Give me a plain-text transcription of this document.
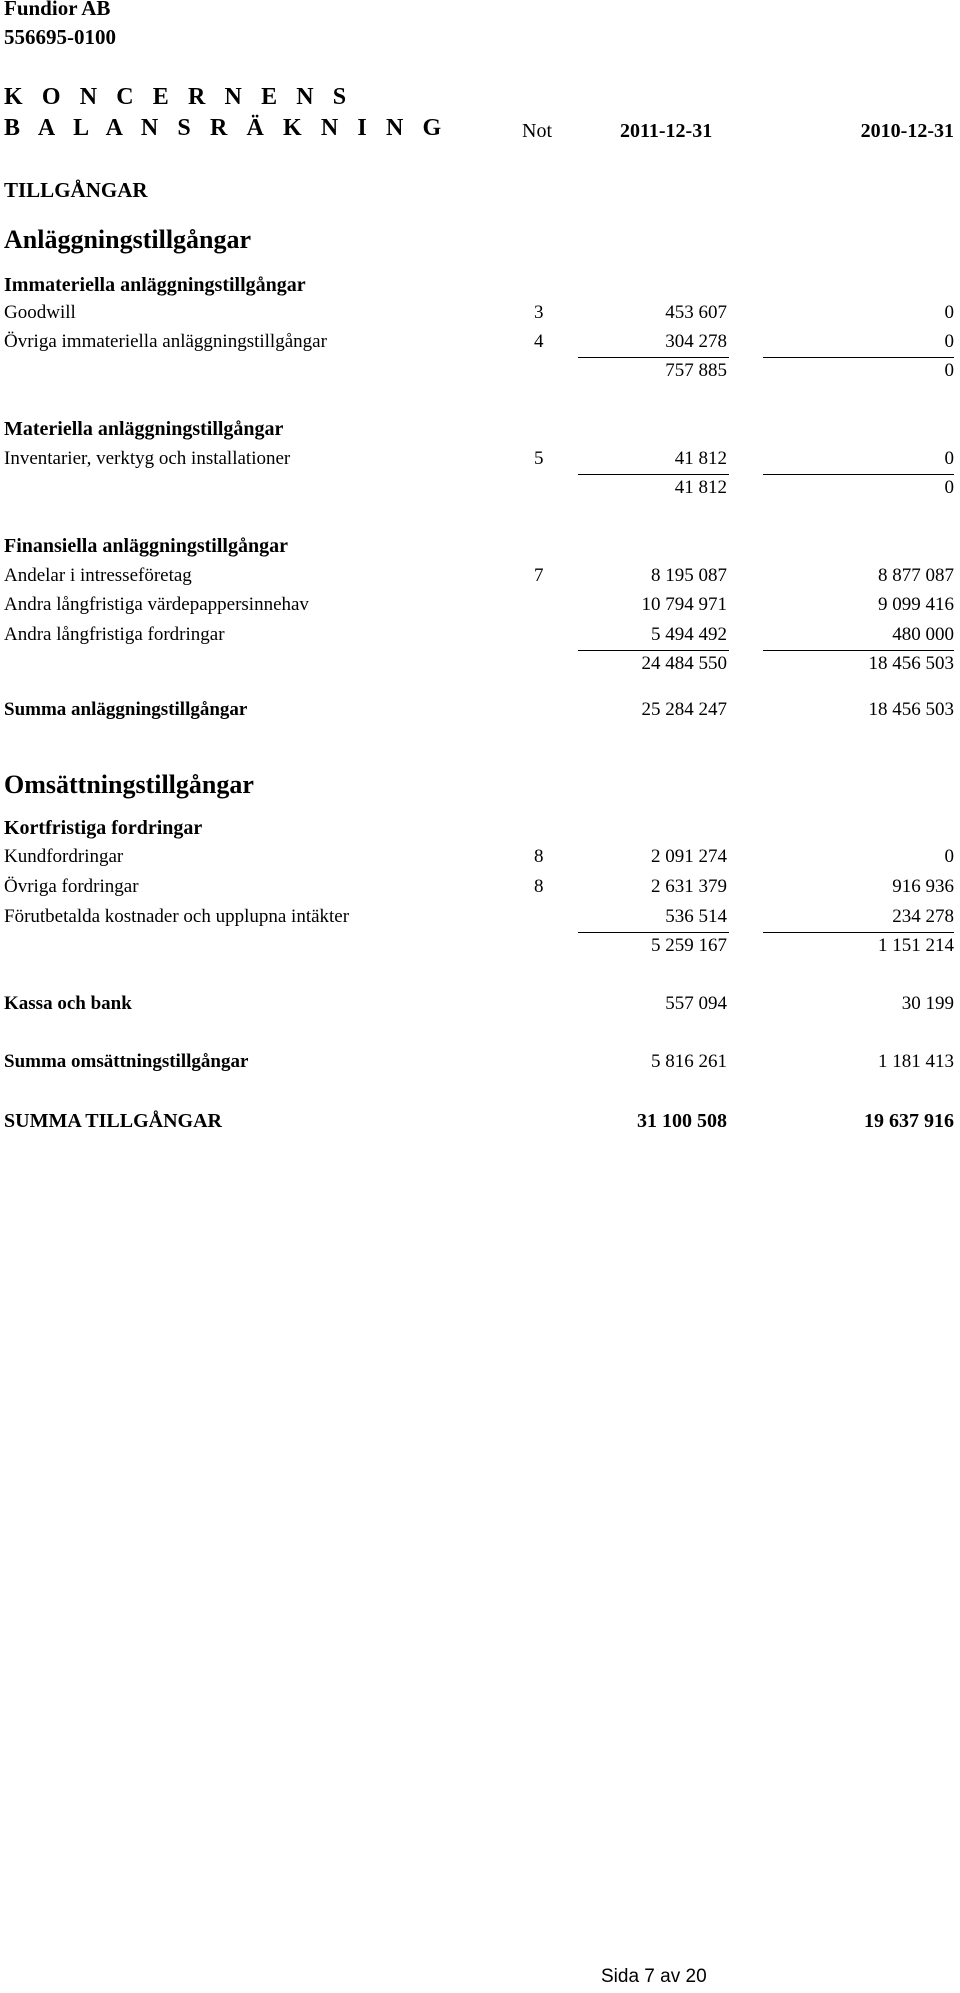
Fundior AB
556695-0100
K O N C E R N E N S
B A L A N S R Ä K N I N G	Not	2011-12-31	2010-12-31
TILLGÅNGAR
Anläggningstillgångar
Immateriella anläggningstillgångar
Goodwill	3	453 607	0
Övriga immateriella anläggningstillgångar	4	304 278	0
757 885	0
Materiella anläggningstillgångar
Inventarier, verktyg och installationer	5	41 812	0
41 812	0
Finansiella anläggningstillgångar
Andelar i intresseföretag	7	8 195 087	8 877 087
Andra långfristiga värdepappersinnehav	10 794 971	9 099 416
Andra långfristiga fordringar	5 494 492	480 000
24 484 550	18 456 503
Summa anläggningstillgångar	25 284 247	18 456 503
Omsättningstillgångar
Kortfristiga fordringar
Kundfordringar	8	2 091 274	0
Övriga fordringar	8	2 631 379	916 936
Förutbetalda kostnader och upplupna intäkter	536 514	234 278
5 259 167	1 151 214
Kassa och bank	557 094	30 199
Summa omsättningstillgångar	5 816 261	1 181 413
SUMMA TILLGÅNGAR	31 100 508	19 637 916
Sida 7 av 20
